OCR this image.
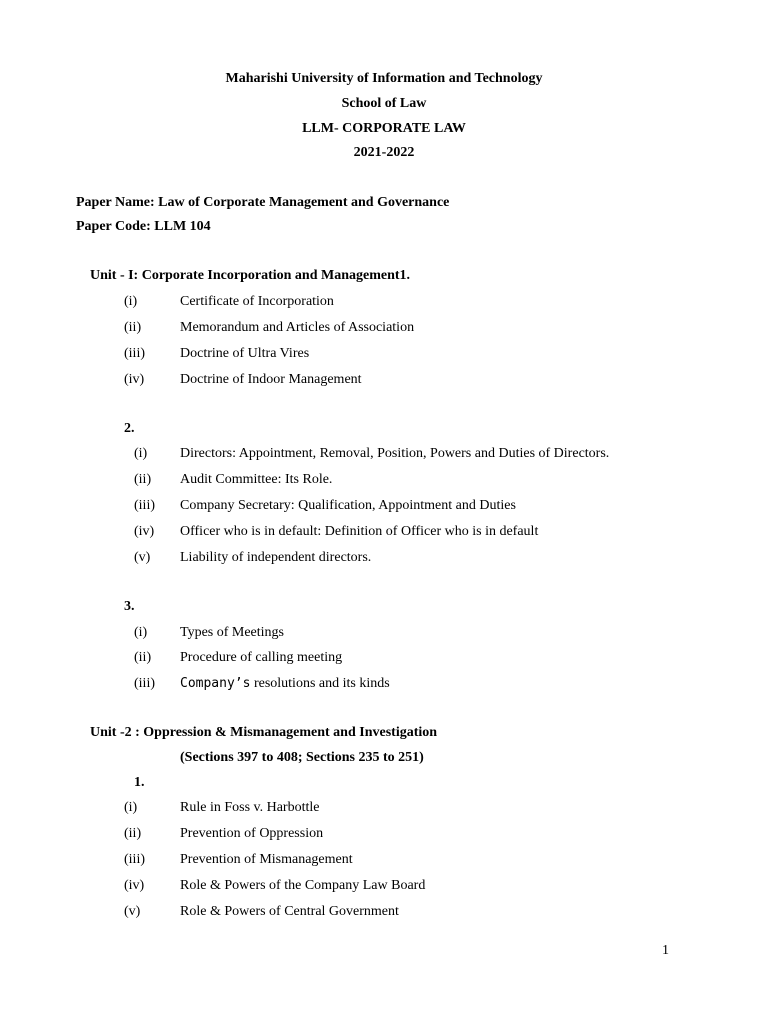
Maharishi University of Information and Technology
School of Law
LLM- CORPORATE LAW
2021-2022
Paper Name: Law of Corporate Management and Governance
Paper Code: LLM 104
Unit - I: Corporate Incorporation and Management1.
(i)	Certificate of Incorporation
(ii)	Memorandum and Articles of Association
(iii)	Doctrine of Ultra Vires
(iv)	Doctrine of Indoor Management
2.
(i)	Directors: Appointment, Removal, Position, Powers and Duties of Directors.
(ii)	Audit Committee: Its Role.
(iii)	Company Secretary: Qualification, Appointment and Duties
(iv)	Officer who is in default: Definition of Officer who is in default
(v)	Liability of independent directors.
3.
(i)	Types of Meetings
(ii)	Procedure of calling meeting
(iii)	Company’s resolutions and its kinds
Unit -2 : Oppression & Mismanagement and Investigation
(Sections 397 to 408; Sections 235 to 251)
1.
(i)	Rule in Foss v. Harbottle
(ii)	Prevention of Oppression
(iii)	Prevention of Mismanagement
(iv)	Role & Powers of the Company Law Board
(v)	Role & Powers of Central Government
1
